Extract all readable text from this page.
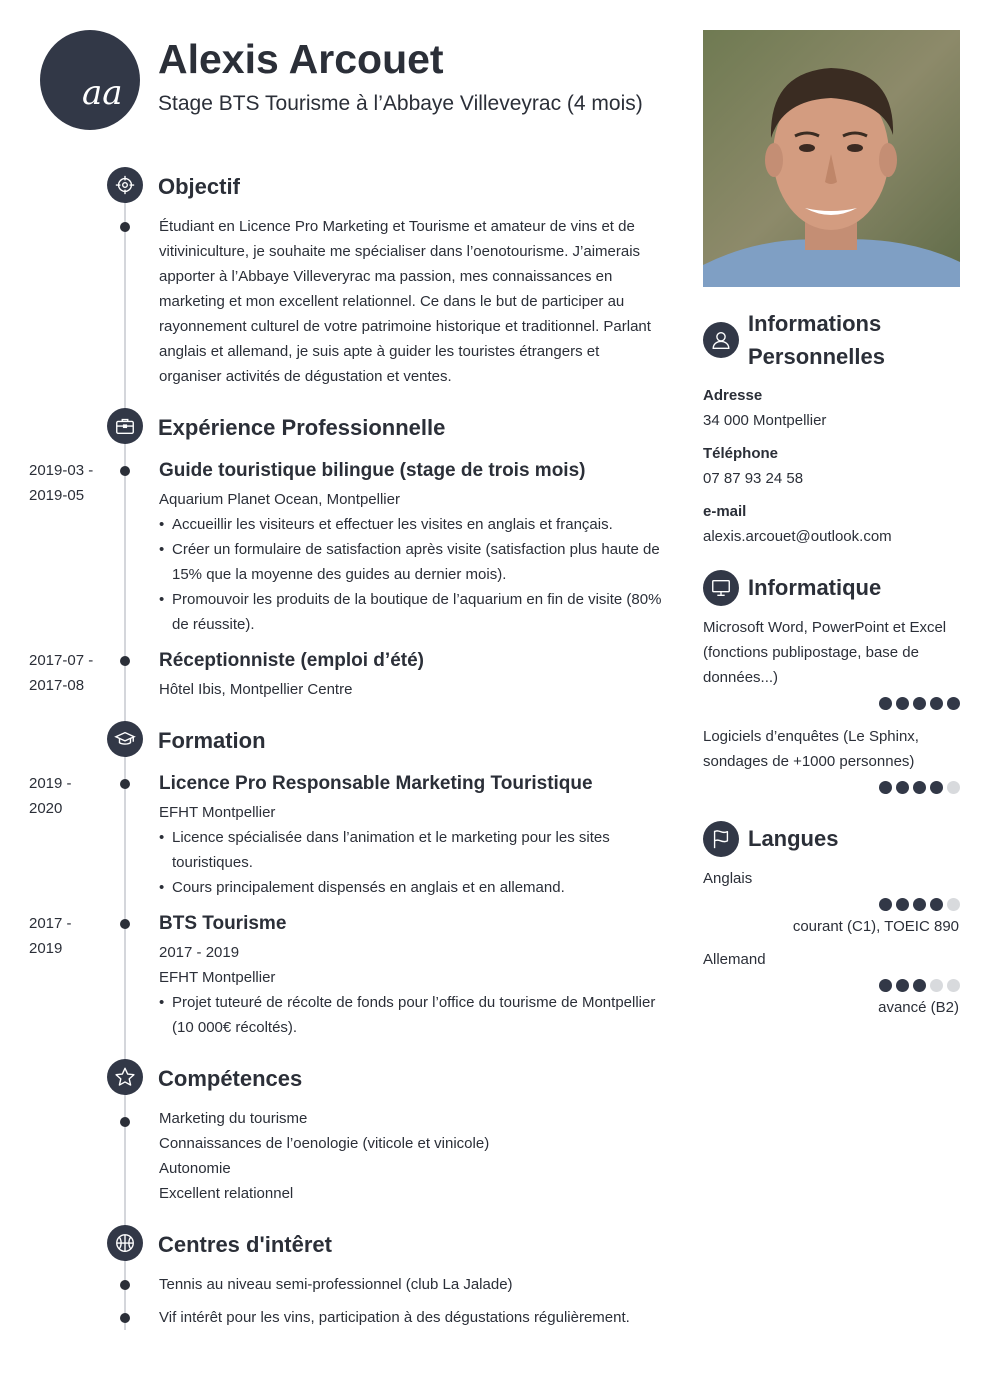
aa
Alexis Arcouet
Stage BTS Tourisme à l’Abbaye Villeveyrac (4 mois)
Objectif
Étudiant en Licence Pro Marketing et Tourisme et amateur de vins et de vitiviniculture, je souhaite me spécialiser dans l’oenotourisme. J’aimerais apporter à l’Abbaye Villeveryrac ma passion, mes connaissances en marketing et mon excellent relationnel. Ce dans le but de participer au rayonnement culturel de votre patrimoine historique et traditionnel. Parlant anglais et allemand, je suis apte à guider les touristes étrangers et organiser activités de dégustation et ventes.
Expérience Professionnelle
2019-03 -
2019-05
Guide touristique bilingue (stage de trois mois)
Aquarium Planet Ocean, Montpellier
• Accueillir les visiteurs et effectuer les visites en anglais et français.
• Créer un formulaire de satisfaction après visite (satisfaction plus haute de 15% que la moyenne des guides au dernier mois).
• Promouvoir les produits de la boutique de l’aquarium en fin de visite (80% de réussite).
2017-07 -
2017-08
Réceptionniste (emploi d’été)
Hôtel Ibis, Montpellier Centre
Formation
2019 -
2020
Licence Pro Responsable Marketing Touristique
EFHT Montpellier
• Licence spécialisée dans l’animation et le marketing pour les sites touristiques.
• Cours principalement dispensés en anglais et en allemand.
2017 -
2019
BTS Tourisme
2017 - 2019
EFHT Montpellier
• Projet tuteuré de récolte de fonds pour l’office du tourisme de Montpellier (10 000€ récoltés).
Compétences
Marketing du tourisme
Connaissances de l’oenologie (viticole et vinicole)
Autonomie
Excellent relationnel
Centres d'intêret
Tennis au niveau semi-professionnel (club La Jalade)
Vif intérêt pour les vins, participation à des dégustations régulièrement.
Informations Personnelles
Adresse
34 000 Montpellier
Téléphone
07 87 93 24 58
e-mail
alexis.arcouet@outlook.com
Informatique
Microsoft Word, PowerPoint et Excel (fonctions publipostage, base de données...)
Logiciels d’enquêtes (Le Sphinx, sondages de +1000 personnes)
Langues
Anglais
courant (C1), TOEIC 890
Allemand
avancé (B2)
